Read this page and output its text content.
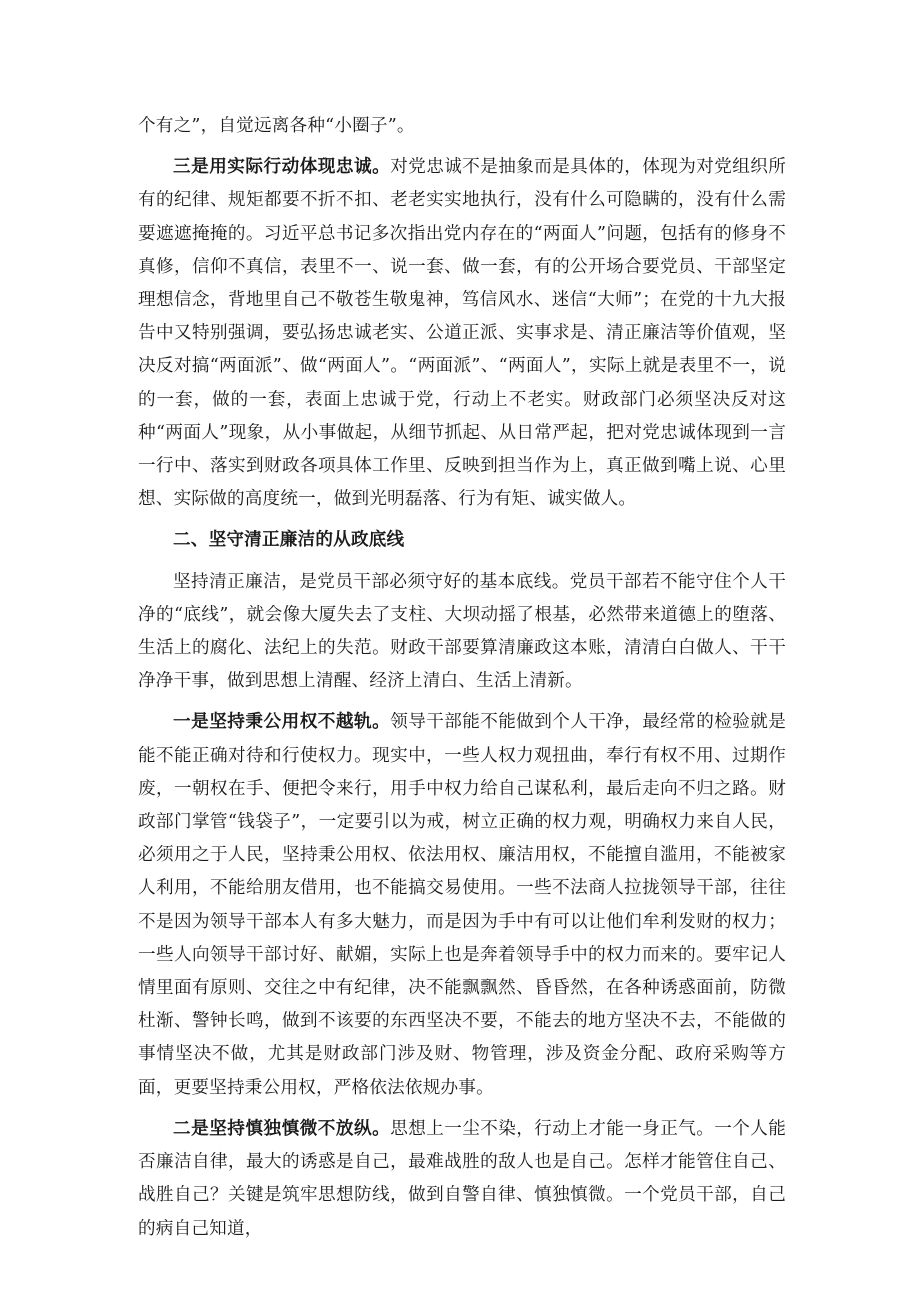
个有之”，自觉远离各种“小圈子”。

三是用实际行动体现忠诚。对党忠诚不是抽象而是具体的，体现为对党组织所有的纪律、规矩都要不折不扣、老老实实地执行，没有什么可隐瞒的，没有什么需要遮遮掩掩的。习近平总书记多次指出党内存在的“两面人”问题，包括有的修身不真修，信仰不真信，表里不一、说一套、做一套，有的公开场合要党员、干部坚定理想信念，背地里自己不敬苍生敬鬼神，笃信风水、迷信“大师”；在党的十九大报告中又特别强调，要弘扬忠诚老实、公道正派、实事求是、清正廉洁等价值观，坚决反对搞“两面派”、做“两面人”。“两面派”、“两面人”，实际上就是表里不一，说的一套，做的一套，表面上忠诚于党，行动上不老实。财政部门必须坚决反对这种“两面人”现象，从小事做起，从细节抓起、从日常严起，把对党忠诚体现到一言一行中、落实到财政各项具体工作里、反映到担当作为上，真正做到嘴上说、心里想、实际做的高度统一，做到光明磊落、行为有矩、诚实做人。

二、坚守清正廉洁的从政底线

坚持清正廉洁，是党员干部必须守好的基本底线。党员干部若不能守住个人干净的“底线”，就会像大厦失去了支柱、大坝动摇了根基，必然带来道德上的堕落、生活上的腐化、法纪上的失范。财政干部要算清廉政这本账，清清白白做人、干干净净干事，做到思想上清醒、经济上清白、生活上清新。

一是坚持秉公用权不越轨。领导干部能不能做到个人干净，最经常的检验就是能不能正确对待和行使权力。现实中，一些人权力观扭曲，奉行有权不用、过期作废，一朝权在手、便把令来行，用手中权力给自己谋私利，最后走向不归之路。财政部门掌管“钱袋子”，一定要引以为戒，树立正确的权力观，明确权力来自人民，必须用之于人民，坚持秉公用权、依法用权、廉洁用权，不能擅自滥用，不能被家人利用，不能给朋友借用，也不能搞交易使用。一些不法商人拉拢领导干部，往往不是因为领导干部本人有多大魅力，而是因为手中有可以让他们牟利发财的权力；一些人向领导干部讨好、献媚，实际上也是奔着领导手中的权力而来的。要牢记人情里面有原则、交往之中有纪律，决不能飘飘然、昏昏然，在各种诱惑面前，防微杜渐、警钟长鸣，做到不该要的东西坚决不要，不能去的地方坚决不去，不能做的事情坚决不做，尤其是财政部门涉及财、物管理，涉及资金分配、政府采购等方面，更要坚持秉公用权，严格依法依规办事。

二是坚持慎独慎微不放纵。思想上一尘不染，行动上才能一身正气。一个人能否廉洁自律，最大的诱惑是自己，最难战胜的敌人也是自己。怎样才能管住自己、战胜自己？关键是筑牢思想防线，做到自警自律、慎独慎微。一个党员干部，自己的病自己知道，
